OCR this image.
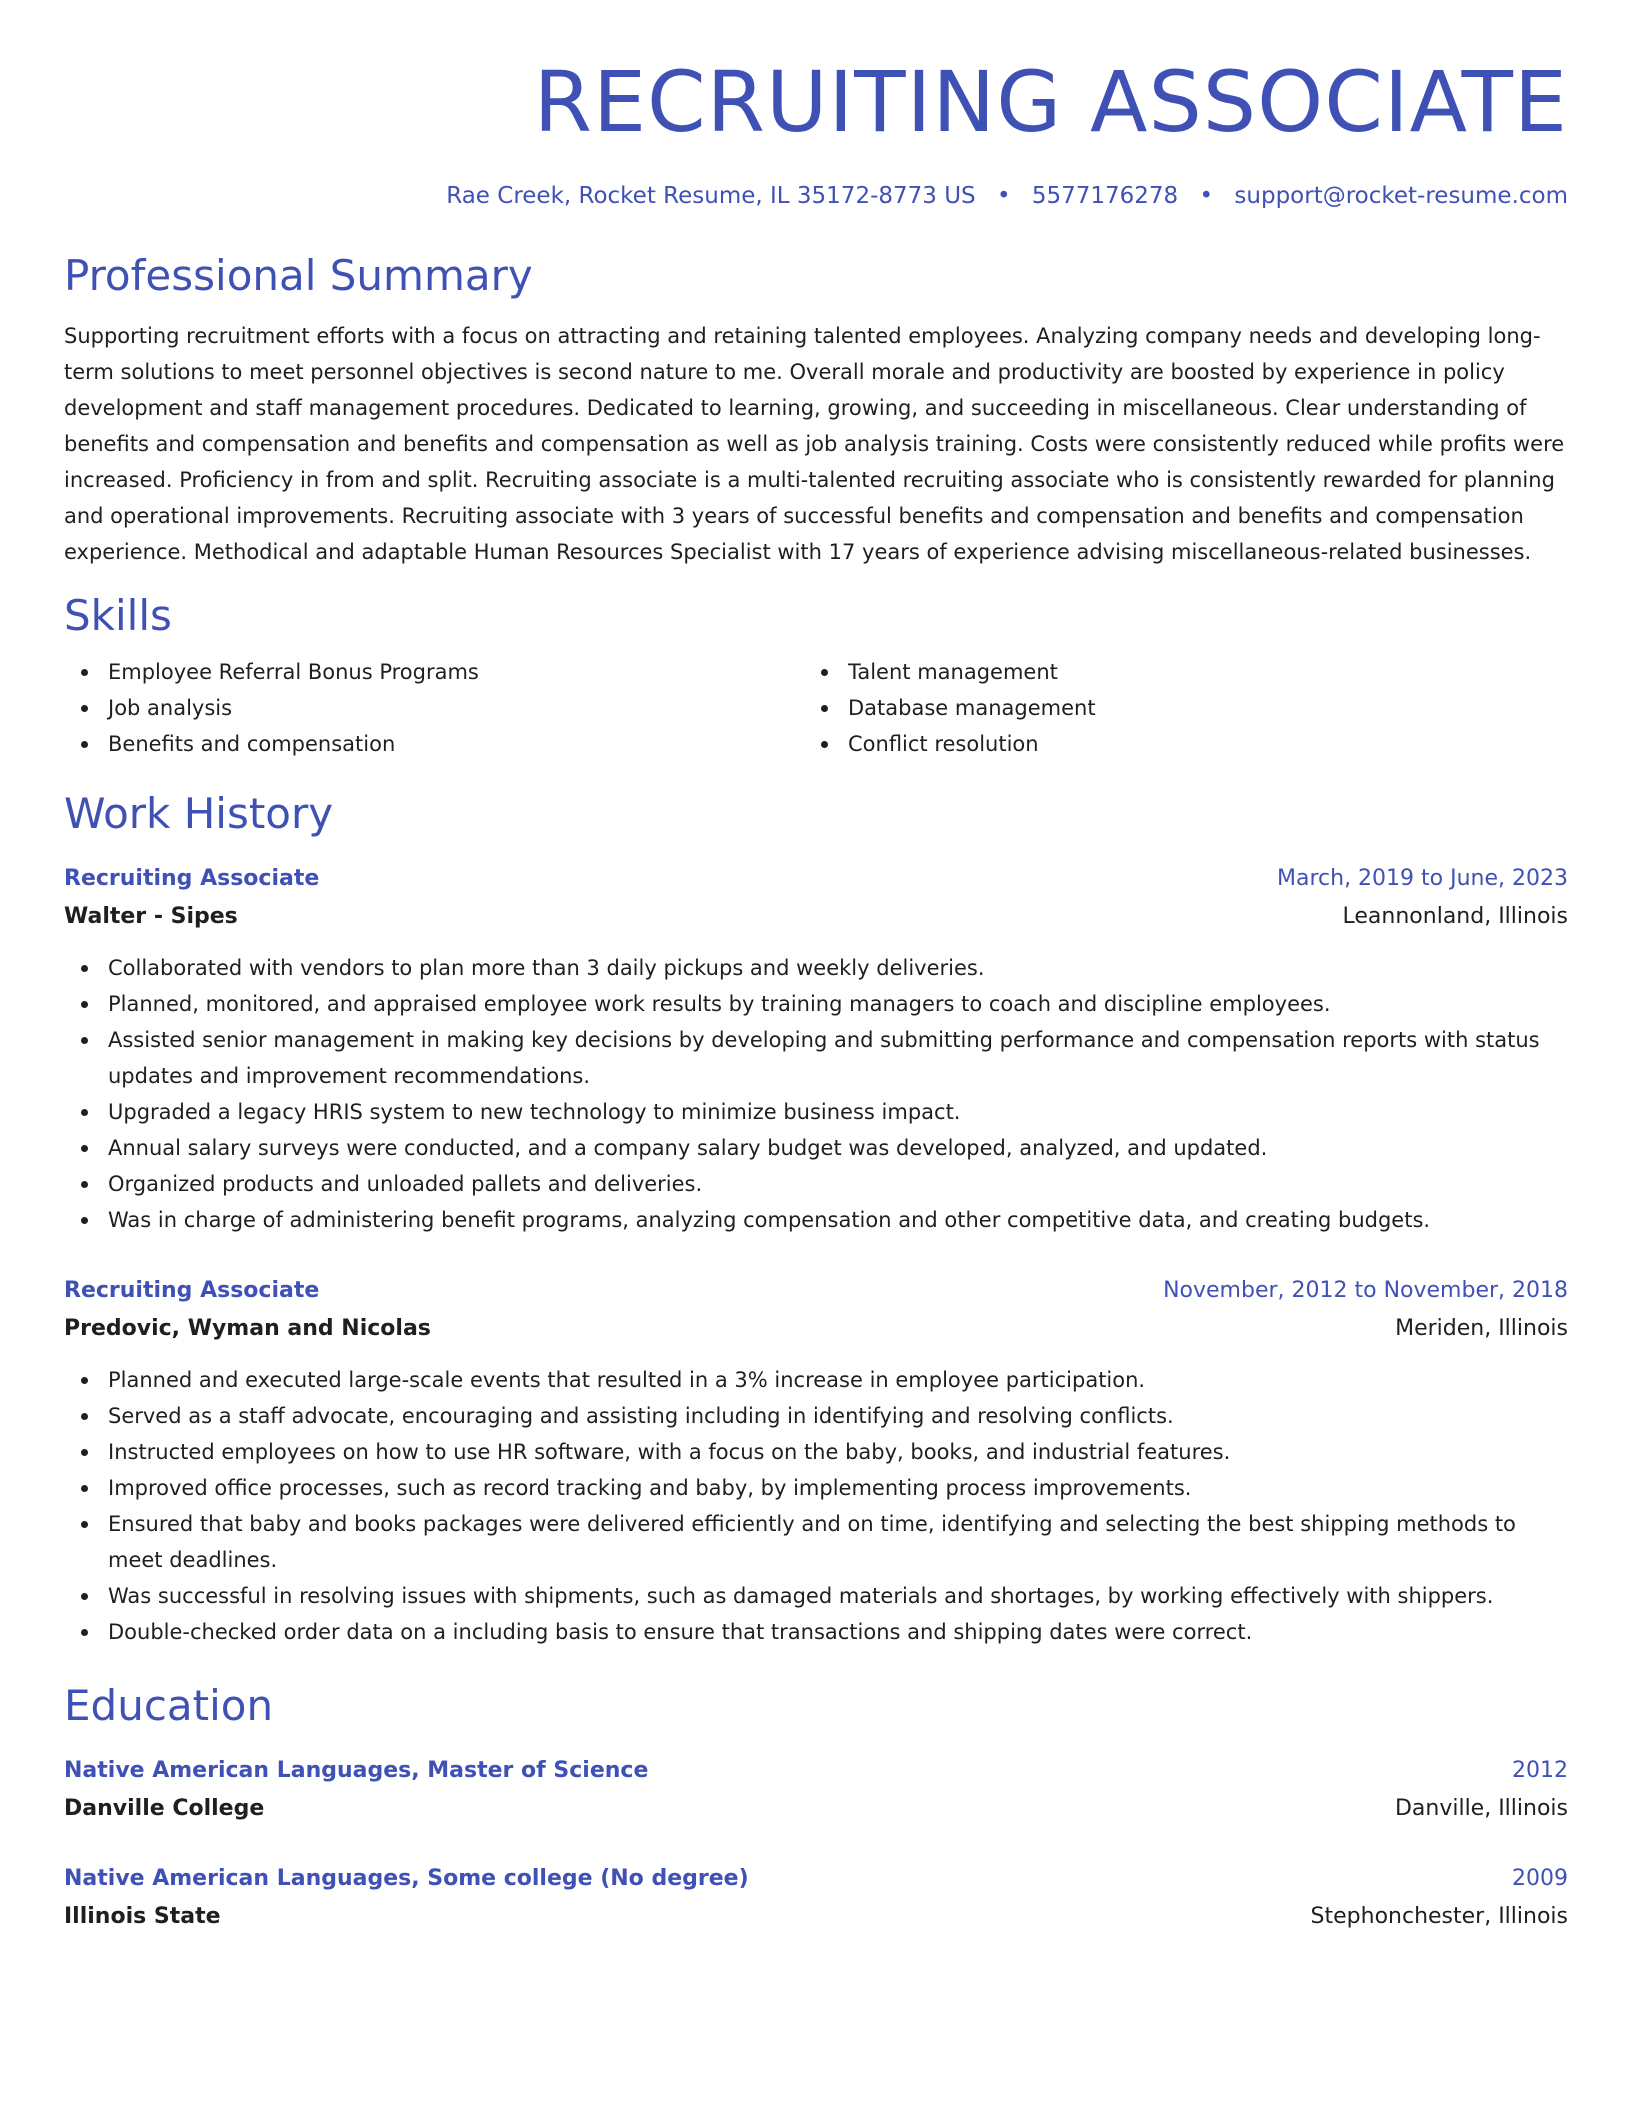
RECRUITING ASSOCIATE
Rae Creek, Rocket Resume, IL 35172-8773 US • 5577176278 • support@rocket-resume.com
Professional Summary
Supporting recruitment efforts with a focus on attracting and retaining talented employees. Analyzing company needs and developing long-term solutions to meet personnel objectives is second nature to me. Overall morale and productivity are boosted by experience in policy development and staff management procedures. Dedicated to learning, growing, and succeeding in miscellaneous. Clear understanding of benefits and compensation and benefits and compensation as well as job analysis training. Costs were consistently reduced while profits were increased. Proficiency in from and split. Recruiting associate is a multi-talented recruiting associate who is consistently rewarded for planning and operational improvements. Recruiting associate with 3 years of successful benefits and compensation and benefits and compensation experience. Methodical and adaptable Human Resources Specialist with 17 years of experience advising miscellaneous-related businesses.
Skills
Employee Referral Bonus Programs
Job analysis
Benefits and compensation
Talent management
Database management
Conflict resolution
Work History
Recruiting Associate	March, 2019 to June, 2023
Walter - Sipes	Leannonland, Illinois
Collaborated with vendors to plan more than 3 daily pickups and weekly deliveries.
Planned, monitored, and appraised employee work results by training managers to coach and discipline employees.
Assisted senior management in making key decisions by developing and submitting performance and compensation reports with status updates and improvement recommendations.
Upgraded a legacy HRIS system to new technology to minimize business impact.
Annual salary surveys were conducted, and a company salary budget was developed, analyzed, and updated.
Organized products and unloaded pallets and deliveries.
Was in charge of administering benefit programs, analyzing compensation and other competitive data, and creating budgets.
Recruiting Associate	November, 2012 to November, 2018
Predovic, Wyman and Nicolas	Meriden, Illinois
Planned and executed large-scale events that resulted in a 3% increase in employee participation.
Served as a staff advocate, encouraging and assisting including in identifying and resolving conflicts.
Instructed employees on how to use HR software, with a focus on the baby, books, and industrial features.
Improved office processes, such as record tracking and baby, by implementing process improvements.
Ensured that baby and books packages were delivered efficiently and on time, identifying and selecting the best shipping methods to meet deadlines.
Was successful in resolving issues with shipments, such as damaged materials and shortages, by working effectively with shippers.
Double-checked order data on a including basis to ensure that transactions and shipping dates were correct.
Education
Native American Languages, Master of Science	2012
Danville College	Danville, Illinois
Native American Languages, Some college (No degree)	2009
Illinois State	Stephonchester, Illinois
